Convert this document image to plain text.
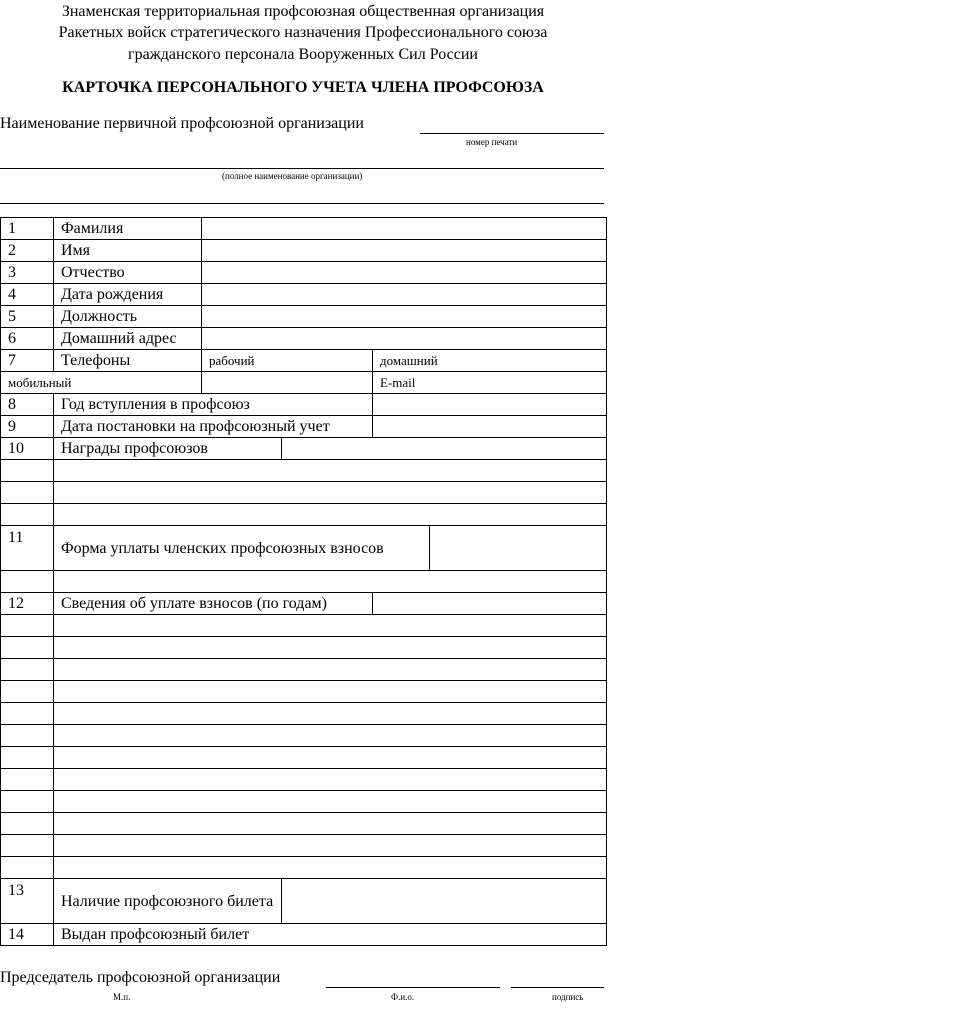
Знаменская территориальная профсоюзная общественная организация
Ракетных войск стратегического назначения Профессионального союза
гражданского персонала Вооруженных Сил России
КАРТОЧКА ПЕРСОНАЛЬНОГО УЧЕТА ЧЛЕНА ПРОФСОЮЗА
Наименование первичной профсоюзной организации
номер печати
(полное наименование организации)
1	Фамилия				
2	Имя				
3	Отчество				
4	Дата рождения				
5	Должность				
6	Домашний адрес				
7	Телефоны	рабочий		домашний	
мобильный				E-mail	
8	Год вступления в профсоюз				
9	Дата постановки на профсоюзный учет				
10	Награды профсоюзов				

11	Форма уплаты членских профсоюзных взносов				

12	Сведения об уплате взносов (по годам)				

13	Наличие профсоюзного билета				
14	Выдан профсоюзный билет				
Председатель профсоюзной организации
М.п.	Ф.и.о.	подпись
